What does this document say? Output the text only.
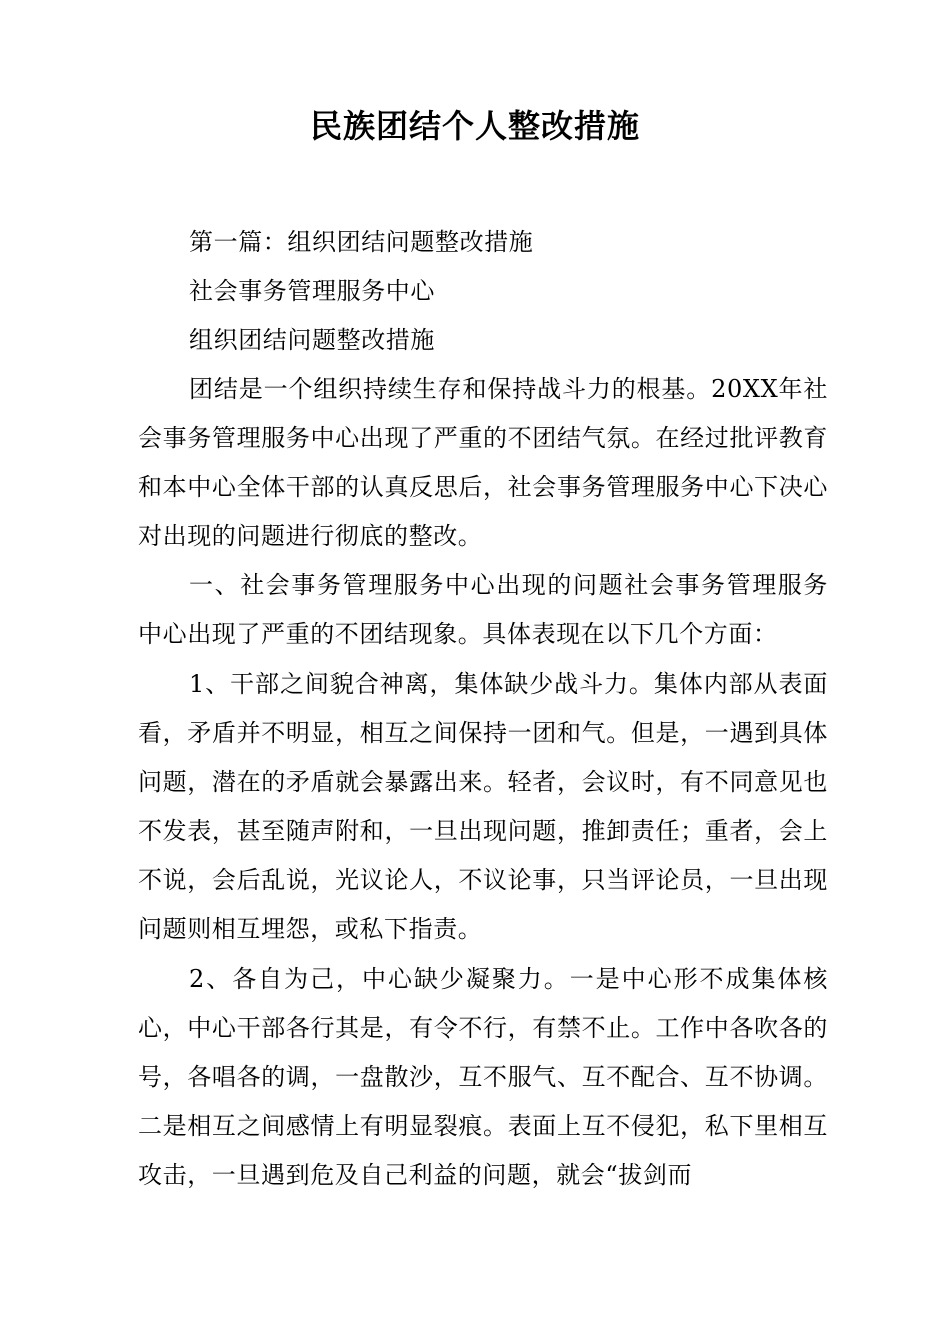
民族团结个人整改措施

第一篇：组织团结问题整改措施

社会事务管理服务中心

组织团结问题整改措施

团结是一个组织持续生存和保持战斗力的根基。20XX年社会事务管理服务中心出现了严重的不团结气氛。在经过批评教育和本中心全体干部的认真反思后，社会事务管理服务中心下决心对出现的问题进行彻底的整改。

一、社会事务管理服务中心出现的问题社会事务管理服务中心出现了严重的不团结现象。具体表现在以下几个方面：

1、干部之间貌合神离，集体缺少战斗力。集体内部从表面看，矛盾并不明显，相互之间保持一团和气。但是，一遇到具体问题，潜在的矛盾就会暴露出来。轻者，会议时，有不同意见也不发表，甚至随声附和，一旦出现问题，推卸责任；重者，会上不说，会后乱说，光议论人，不议论事，只当评论员，一旦出现问题则相互埋怨，或私下指责。

2、各自为己，中心缺少凝聚力。一是中心形不成集体核心，中心干部各行其是，有令不行，有禁不止。工作中各吹各的号，各唱各的调，一盘散沙，互不服气、互不配合、互不协调。二是相互之间感情上有明显裂痕。表面上互不侵犯，私下里相互攻击，一旦遇到危及自己利益的问题，就会“拔剑而
